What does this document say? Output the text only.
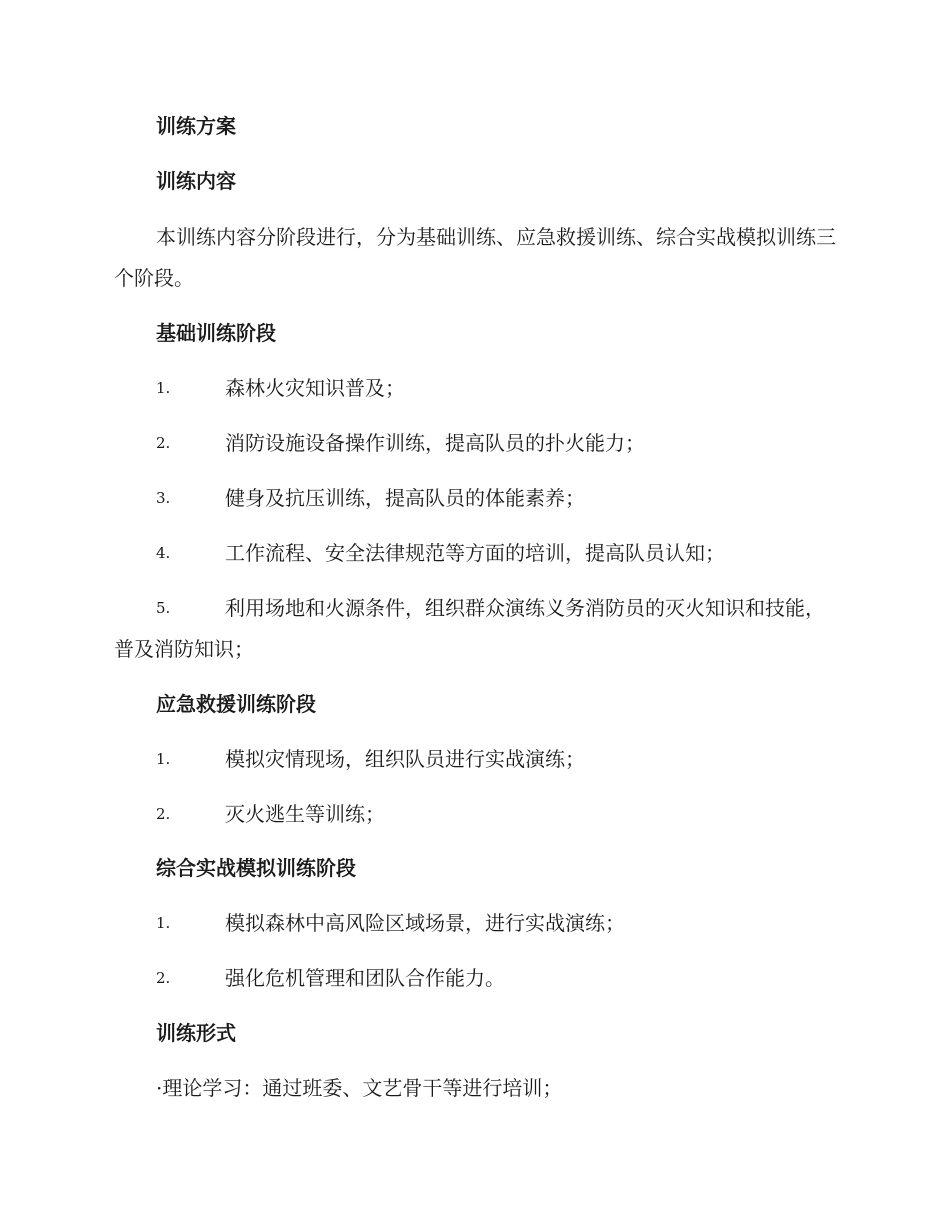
训练方案
训练内容
本训练内容分阶段进行，分为基础训练、应急救援训练、综合实战模拟训练三个阶段。
基础训练阶段
1.	森林火灾知识普及；
2.	消防设施设备操作训练，提高队员的扑火能力；
3.	健身及抗压训练，提高队员的体能素养；
4.	工作流程、安全法律规范等方面的培训，提高队员认知；
5.	利用场地和火源条件，组织群众演练义务消防员的灭火知识和技能，普及消防知识；
应急救援训练阶段
1.	模拟灾情现场，组织队员进行实战演练；
2.	灭火逃生等训练；
综合实战模拟训练阶段
1.	模拟森林中高风险区域场景，进行实战演练；
2.	强化危机管理和团队合作能力。
训练形式
·理论学习：通过班委、文艺骨干等进行培训；
